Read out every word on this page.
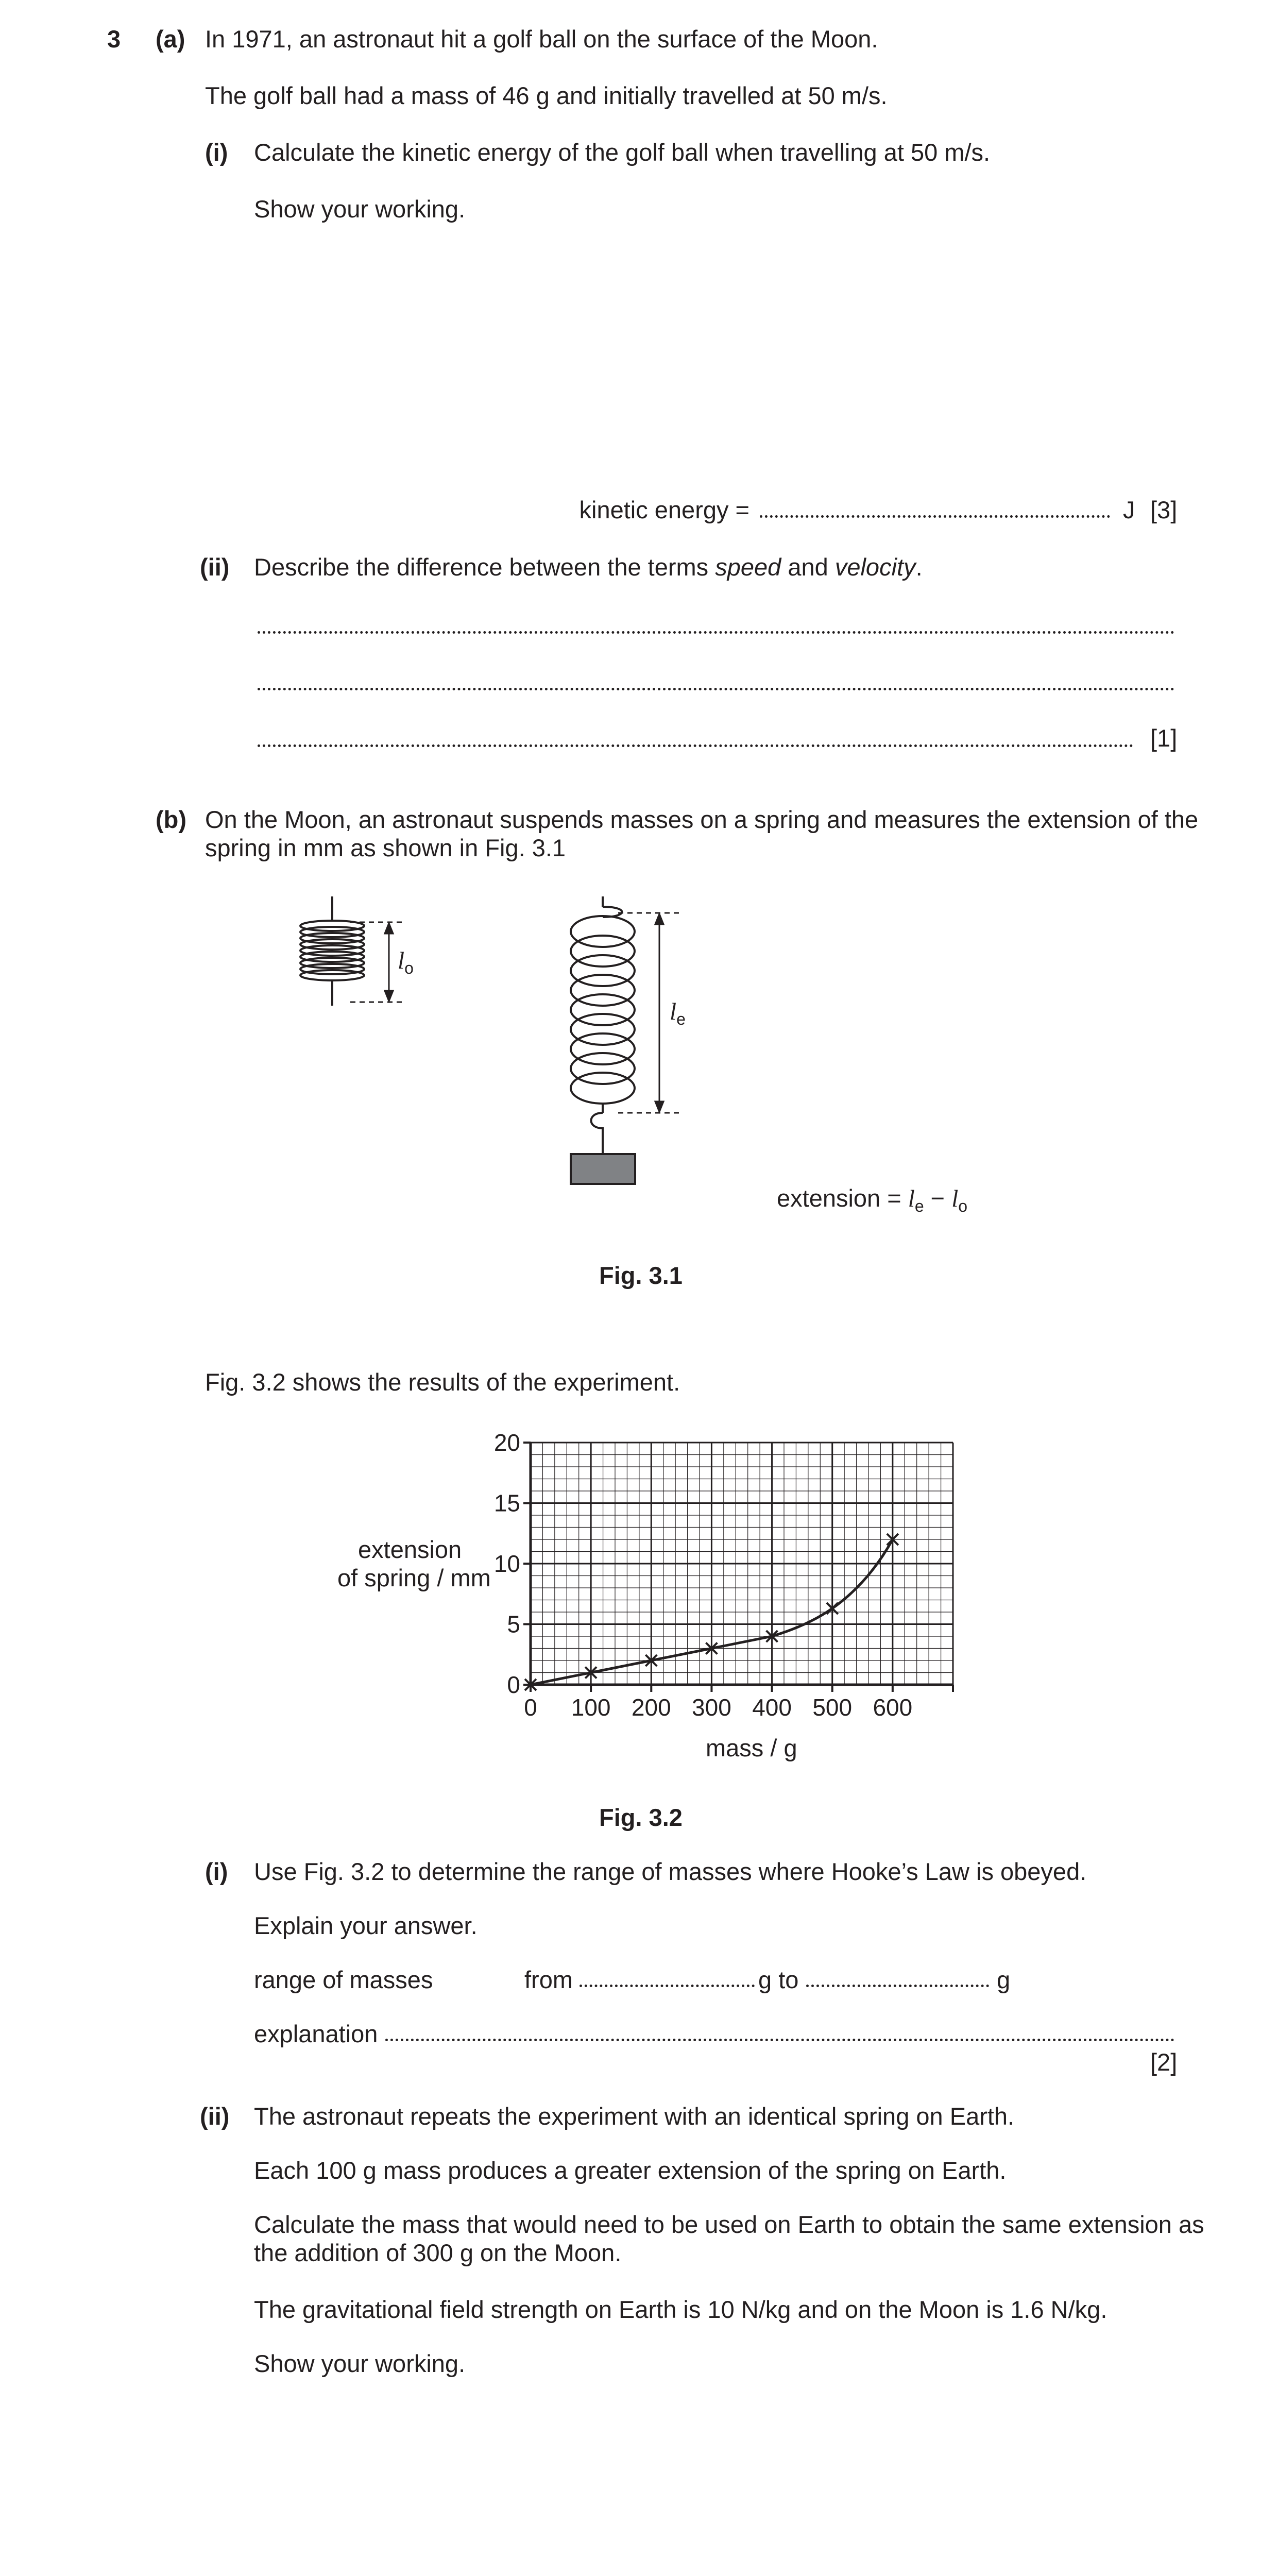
3 (a) In 1971, an astronaut hit a golf ball on the surface of the Moon.
The golf ball had a mass of 46 g and initially travelled at 50 m/s.
(i) Calculate the kinetic energy of the golf ball when travelling at 50 m/s.
Show your working.
kinetic energy =	J [3]
(ii) Describe the difference between the terms speed and velocity.
[1]
(b) On the Moon, an astronaut suspends masses on a spring and measures the extension of the
spring in mm as shown in Fig. 3.1
$l_o$
$l_e$
extension = $l_e - l_o$
Fig. 3.1
Fig. 3.2 shows the results of the experiment.
extension
of spring / mm
0 100 200 300 400 500 600
0
5
10
15
20
mass / g
Fig. 3.2
(i) Use Fig. 3.2 to determine the range of masses where Hooke’s Law is obeyed.
Explain your answer.
range of masses	from	g to	g
explanation
[2]
(ii) The astronaut repeats the experiment with an identical spring on Earth.
Each 100 g mass produces a greater extension of the spring on Earth.
Calculate the mass that would need to be used on Earth to obtain the same extension as
the addition of 300 g on the Moon.
The gravitational field strength on Earth is 10 N/kg and on the Moon is 1.6 N/kg.
Show your working.
